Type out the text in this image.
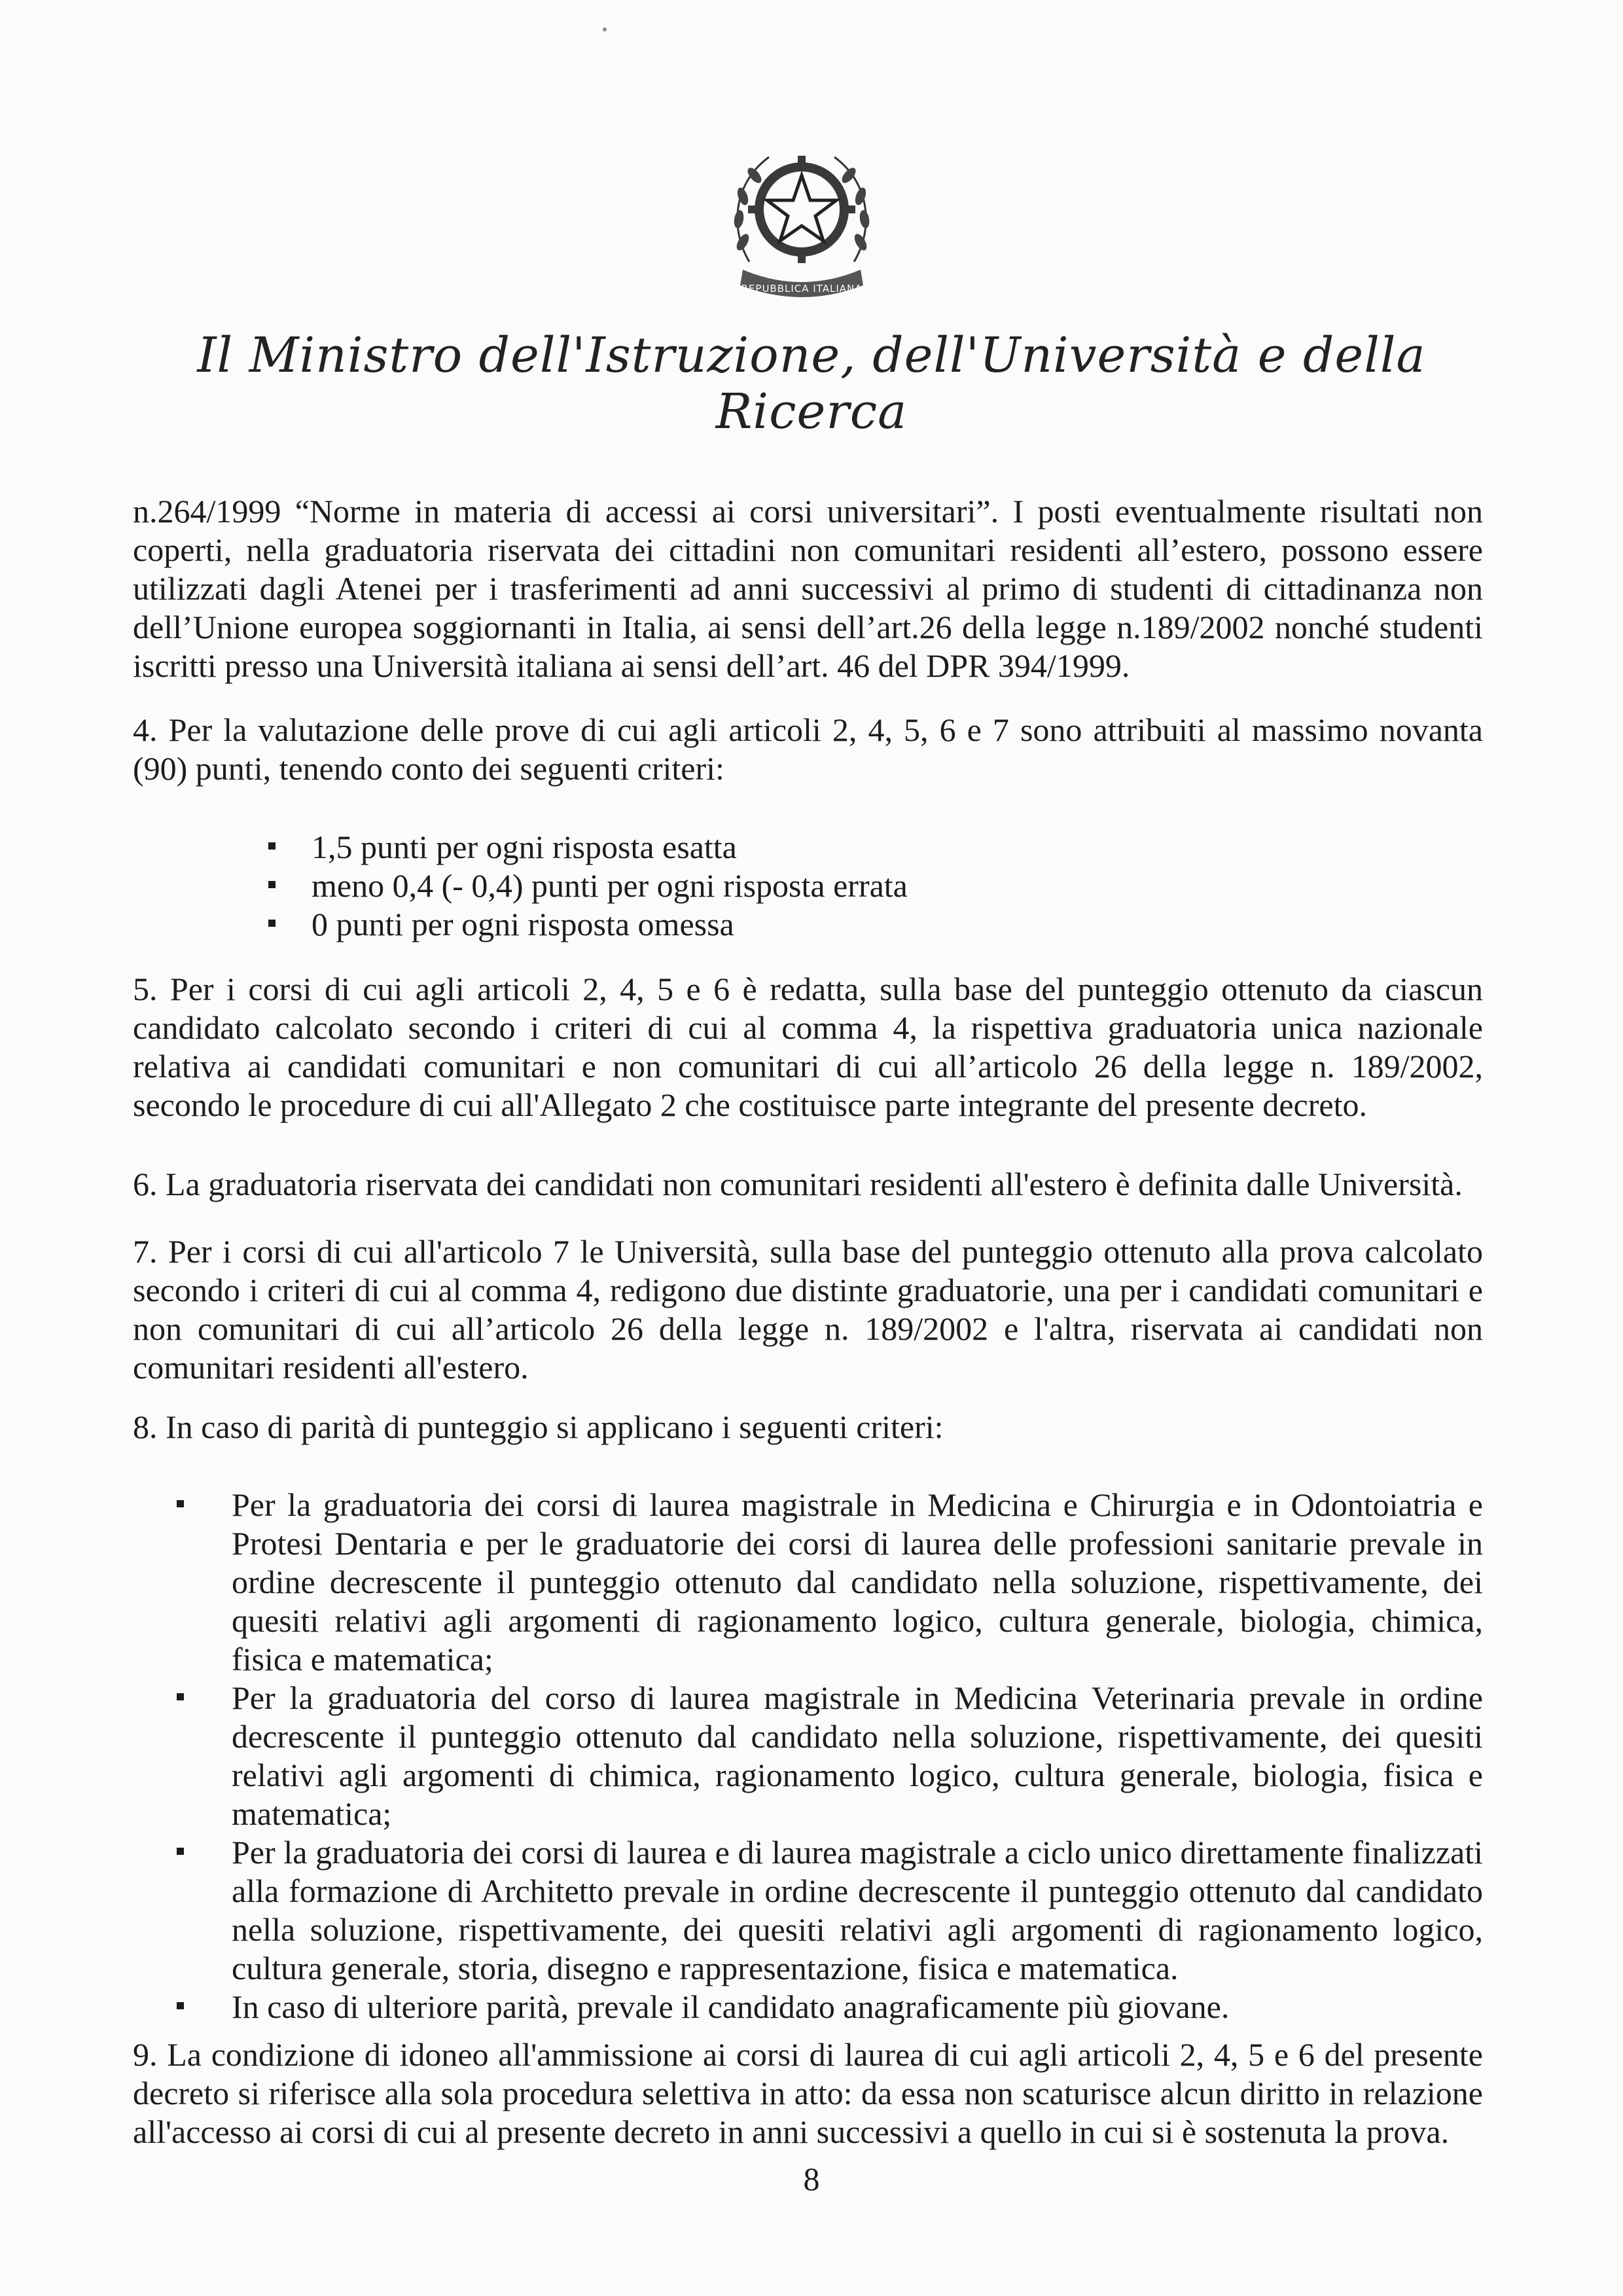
REPUBBLICA ITALIANA
Il Ministro dell'Istruzione, dell'Università e della Ricerca

n.264/1999 “Norme in materia di accessi ai corsi universitari”. I posti eventualmente risultati non coperti, nella graduatoria riservata dei cittadini non comunitari residenti all’estero, possono essere utilizzati dagli Atenei per i trasferimenti ad anni successivi al primo di studenti di cittadinanza non dell’Unione europea soggiornanti in Italia, ai sensi dell’art.26 della legge n.189/2002 nonché studenti iscritti presso una Università italiana ai sensi dell’art. 46 del DPR 394/1999.

4. Per la valutazione delle prove di cui agli articoli 2, 4, 5, 6 e 7 sono attribuiti al massimo novanta (90) punti, tenendo conto dei seguenti criteri:

1,5 punti per ogni risposta esatta
meno 0,4 (- 0,4) punti per ogni risposta errata
0 punti per ogni risposta omessa

5. Per i corsi di cui agli articoli 2, 4, 5 e 6 è redatta, sulla base del punteggio ottenuto da ciascun candidato calcolato secondo i criteri di cui al comma 4, la rispettiva graduatoria unica nazionale relativa ai candidati comunitari e non comunitari di cui all’articolo 26 della legge n. 189/2002, secondo le procedure di cui all'Allegato 2 che costituisce parte integrante del presente decreto.

6. La graduatoria riservata dei candidati non comunitari residenti all'estero è definita dalle Università.

7. Per i corsi di cui all'articolo 7 le Università, sulla base del punteggio ottenuto alla prova calcolato secondo i criteri di cui al comma 4, redigono due distinte graduatorie, una per i candidati comunitari e non comunitari di cui all’articolo 26 della legge n. 189/2002 e l'altra, riservata ai candidati non comunitari residenti all'estero.

8. In caso di parità di punteggio si applicano i seguenti criteri:

Per la graduatoria dei corsi di laurea magistrale in Medicina e Chirurgia e in Odontoiatria e Protesi Dentaria e per le graduatorie dei corsi di laurea delle professioni sanitarie prevale in ordine decrescente il punteggio ottenuto dal candidato nella soluzione, rispettivamente, dei quesiti relativi agli argomenti di ragionamento logico, cultura generale, biologia, chimica, fisica e matematica;
Per la graduatoria del corso di laurea magistrale in Medicina Veterinaria prevale in ordine decrescente il punteggio ottenuto dal candidato nella soluzione, rispettivamente, dei quesiti relativi agli argomenti di chimica, ragionamento logico, cultura generale, biologia, fisica e matematica;
Per la graduatoria dei corsi di laurea e di laurea magistrale a ciclo unico direttamente finalizzati alla formazione di Architetto prevale in ordine decrescente il punteggio ottenuto dal candidato nella soluzione, rispettivamente, dei quesiti relativi agli argomenti di ragionamento logico, cultura generale, storia, disegno e rappresentazione, fisica e matematica.
In caso di ulteriore parità, prevale il candidato anagraficamente più giovane.

9. La condizione di idoneo all'ammissione ai corsi di laurea di cui agli articoli 2, 4, 5 e 6 del presente decreto si riferisce alla sola procedura selettiva in atto: da essa non scaturisce alcun diritto in relazione all'accesso ai corsi di cui al presente decreto in anni successivi a quello in cui si è sostenuta la prova.

8
